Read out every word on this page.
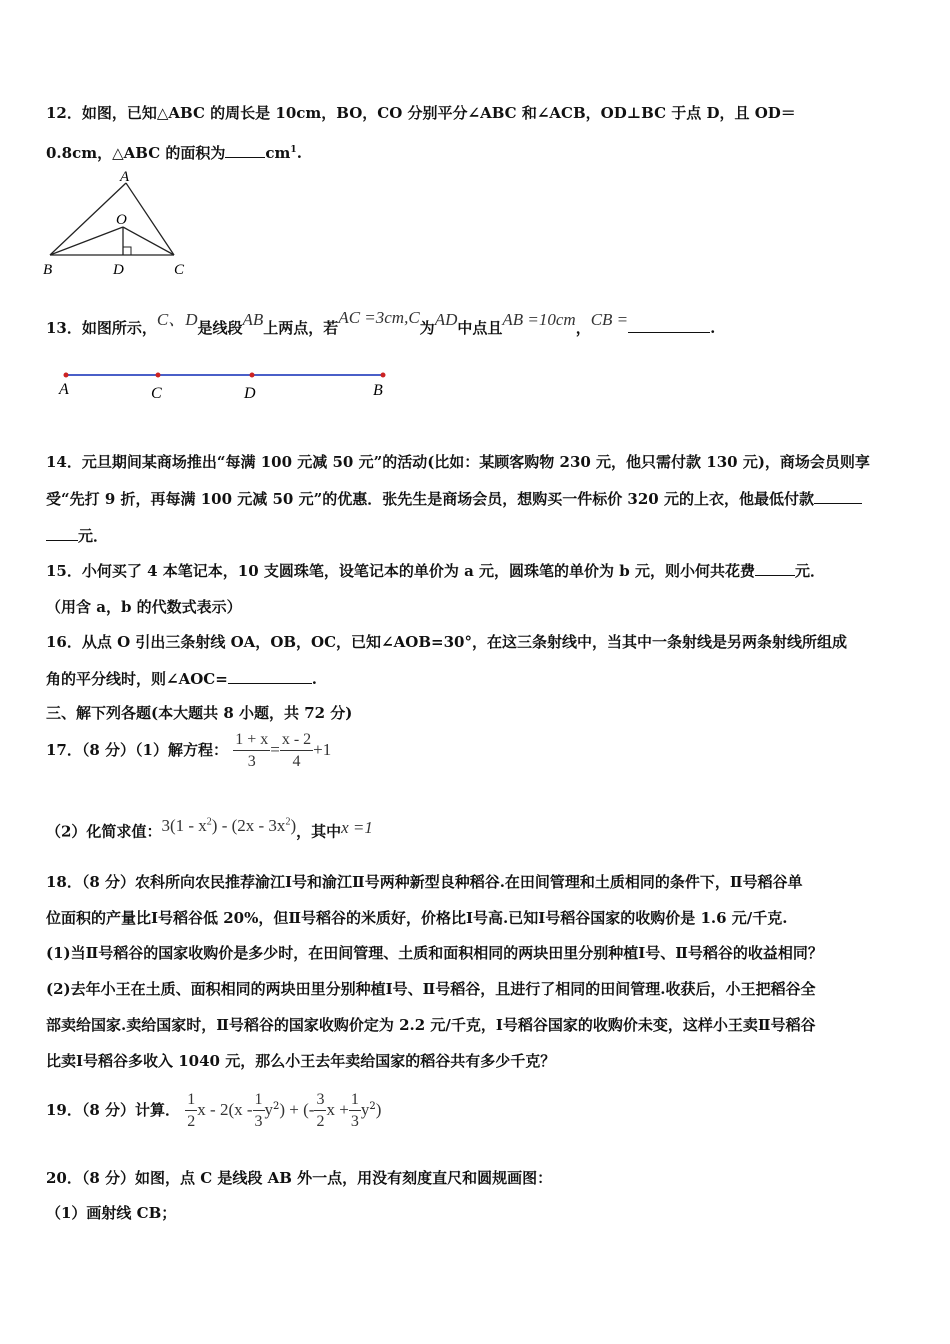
12．如图，已知△ABC 的周长是 10cm，BO，CO 分别平分∠ABC 和∠ACB，OD⊥BC 于点 D，且 OD＝
0.8cm，△ABC 的面积为	$cm^1$.
A
O
B	D	C
13．如图所示，C、D是线段AB上两点，若AC =3cm,C为AD中点且AB =10cm，CB =	.
A	C	D	B
14．元旦期间某商场推出“每满 100 元减 50 元”的活动(比如：某顾客购物 230 元，他只需付款 130 元)，商场会员则享
受“先打 9 折，再每满 100 元减 50 元”的优惠．张先生是商场会员，想购买一件标价 320 元的上衣，他最低付款
元．
15．小何买了 4 本笔记本，10 支圆珠笔，设笔记本的单价为 a 元，圆珠笔的单价为 b 元，则小何共花费	元．
（用含 a，b 的代数式表示）
16．从点 O 引出三条射线 OA，OB，OC，已知∠AOB=30°，在这三条射线中，当其中一条射线是另两条射线所组成
角的平分线时，则∠AOC=	.
三、解下列各题(本大题共 8 小题，共 72 分)
17．（8 分）（1）解方程： $\frac{1 + x}{3} = \frac{x - 2}{4} +1$
（2）化简求值：$3(1 - x^2) - (2x - 3x^2)$，其中x =1
18．（8 分）农科所向农民推荐渝江Ⅰ号和渝江Ⅱ号两种新型良种稻谷.在田间管理和土质相同的条件下，Ⅱ号稻谷单
位面积的产量比Ⅰ号稻谷低 20%，但Ⅱ号稻谷的米质好，价格比Ⅰ号高.已知Ⅰ号稻谷国家的收购价是 1.6 元/千克.
(1)当Ⅱ号稻谷的国家收购价是多少时，在田间管理、土质和面积相同的两块田里分别种植Ⅰ号、Ⅱ号稻谷的收益相同？
(2)去年小王在土质、面积相同的两块田里分别种植Ⅰ号、Ⅱ号稻谷，且进行了相同的田间管理.收获后，小王把稻谷全
部卖给国家.卖给国家时，Ⅱ号稻谷的国家收购价定为 2.2 元/千克，Ⅰ号稻谷国家的收购价未变，这样小王卖Ⅱ号稻谷
比卖Ⅰ号稻谷多收入 1040 元，那么小王去年卖给国家的稻谷共有多少千克？
19．（8 分）计算． $\frac{1}{2}$ x - $2(x - \frac{1}{3} y^2)$ + (- $\frac{3}{2}$ $x + \frac{1}{3} y^2$)
20．（8 分）如图，点 C 是线段 AB 外一点，用没有刻度直尺和圆规画图：
（1）画射线 CB；
